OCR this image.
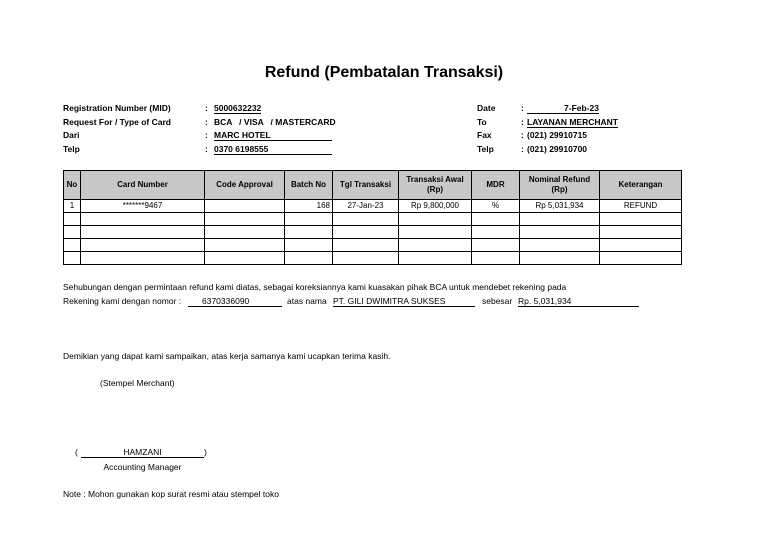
Refund (Pembatalan Transaksi)
Registration Number (MID)	: 5000632232
Request For / Type of Card	: BCA   / VISA   / MASTERCARD
Dari	: MARC HOTEL
Telp	: 0370 6198555
Date	:	7-Feb-23
To	: LAYANAN MERCHANT
Fax	: (021) 29910715
Telp	: (021) 29910700
No	Card Number	Code Approval	Batch No	Tgl Transaksi	Transaksi Awal (Rp)	MDR	Nominal Refund (Rp)	Keterangan
1	*******9467		168	27-Jan-23	Rp 9,800,000	%	Rp 5,031,934	REFUND

Sehubungan dengan permintaan refund kami diatas, sebagai koreksiannya kami kuasakan pihak BCA untuk mendebet rekening pada
Rekening kami dengan nomor :	6370336090	atas nama PT. GILI DWIMITRA SUKSES	sebesar Rp. 5,031,934
Demikian yang dapat kami sampaikan, atas kerja samanya kami ucapkan terima kasih.
(Stempel Merchant)
(	HAMZANI	)
Accounting Manager
Note : Mohon gunakan kop surat resmi atau stempel toko
